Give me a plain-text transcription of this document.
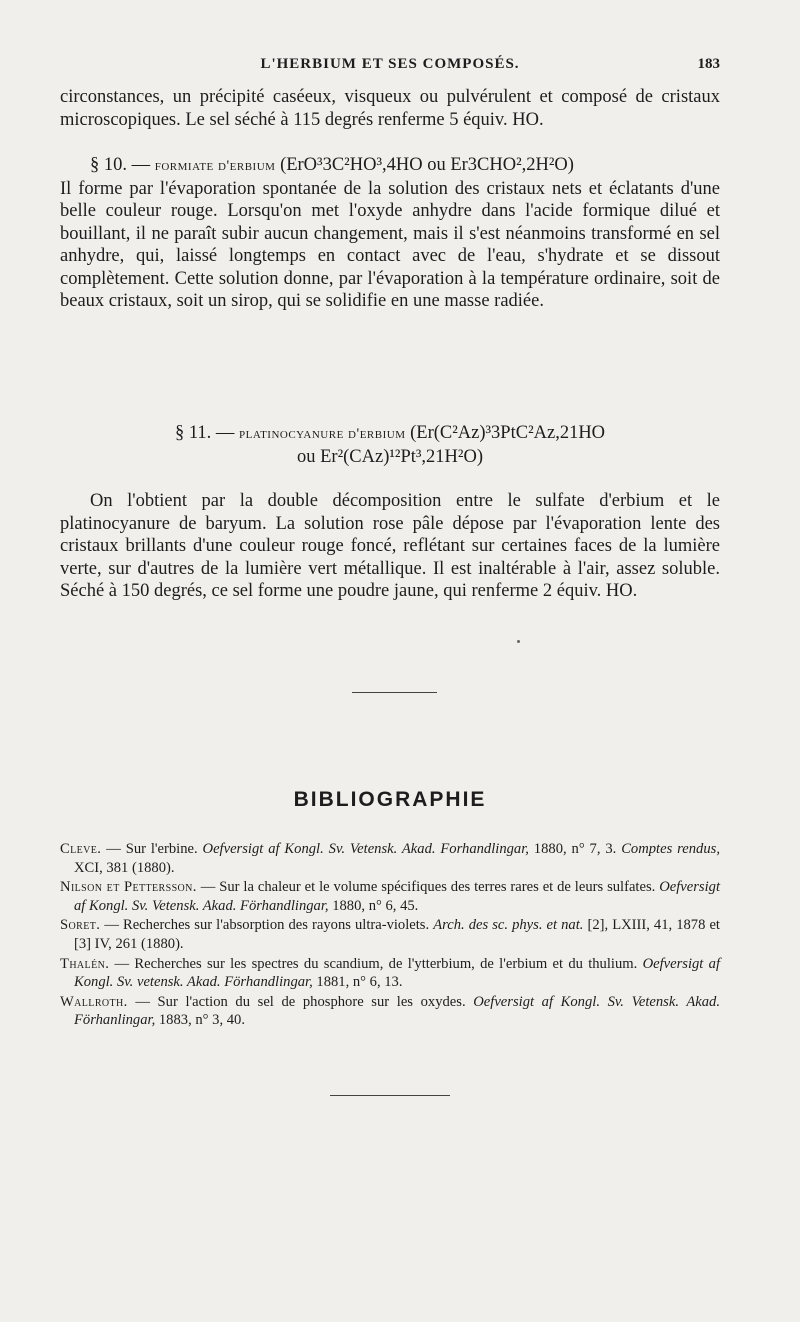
L'HERBIUM ET SES COMPOSÉS.	183

circonstances, un précipité caséeux, visqueux ou pulvérulent et composé de cristaux microscopiques. Le sel séché à 115 degrés renferme 5 équiv. HO.

§ 10. — formiate d'erbium (ErO³3C²HO³,4HO ou Er3CHO²,2H²O)

Il forme par l'évaporation spontanée de la solution des cristaux nets et éclatants d'une belle couleur rouge. Lorsqu'on met l'oxyde anhydre dans l'acide formique dilué et bouillant, il ne paraît subir aucun changement, mais il s'est néanmoins transformé en sel anhydre, qui, laissé longtemps en contact avec de l'eau, s'hydrate et se dissout complètement. Cette solution donne, par l'évaporation à la température ordinaire, soit de beaux cristaux, soit un sirop, qui se solidifie en une masse radiée.

§ 11. — platinocyanure d'erbium (Er(C²Az)³3PtC²Az,21HO

ou Er²(CAz)¹²Pt³,21H²O)

On l'obtient par la double décomposition entre le sulfate d'erbium et le platinocyanure de baryum. La solution rose pâle dépose par l'évaporation lente des cristaux brillants d'une couleur rouge foncé, reflétant sur certaines faces de la lumière verte, sur d'autres de la lumière vert métallique. Il est inaltérable à l'air, assez soluble. Séché à 150 degrés, ce sel forme une poudre jaune, qui renferme 2 équiv. HO.

BIBLIOGRAPHIE

Cleve. — Sur l'erbine. Oefversigt af Kongl. Sv. Vetensk. Akad. Forhandlingar, 1880, n° 7, 3. Comptes rendus, XCI, 381 (1880).

Nilson et Pettersson. — Sur la chaleur et le volume spécifiques des terres rares et de leurs sulfates. Oefversigt af Kongl. Sv. Vetensk. Akad. Förhandlingar, 1880, n° 6, 45.

Soret. — Recherches sur l'absorption des rayons ultra-violets. Arch. des sc. phys. et nat. [2], LXIII, 41, 1878 et [3] IV, 261 (1880).

Thalén. — Recherches sur les spectres du scandium, de l'ytterbium, de l'erbium et du thulium. Oefversigt af Kongl. Sv. vetensk. Akad. Förhandlingar, 1881, n° 6, 13.

Wallroth. — Sur l'action du sel de phosphore sur les oxydes. Oefversigt af Kongl. Sv. Vetensk. Akad. Förhanlingar, 1883, n° 3, 40.
